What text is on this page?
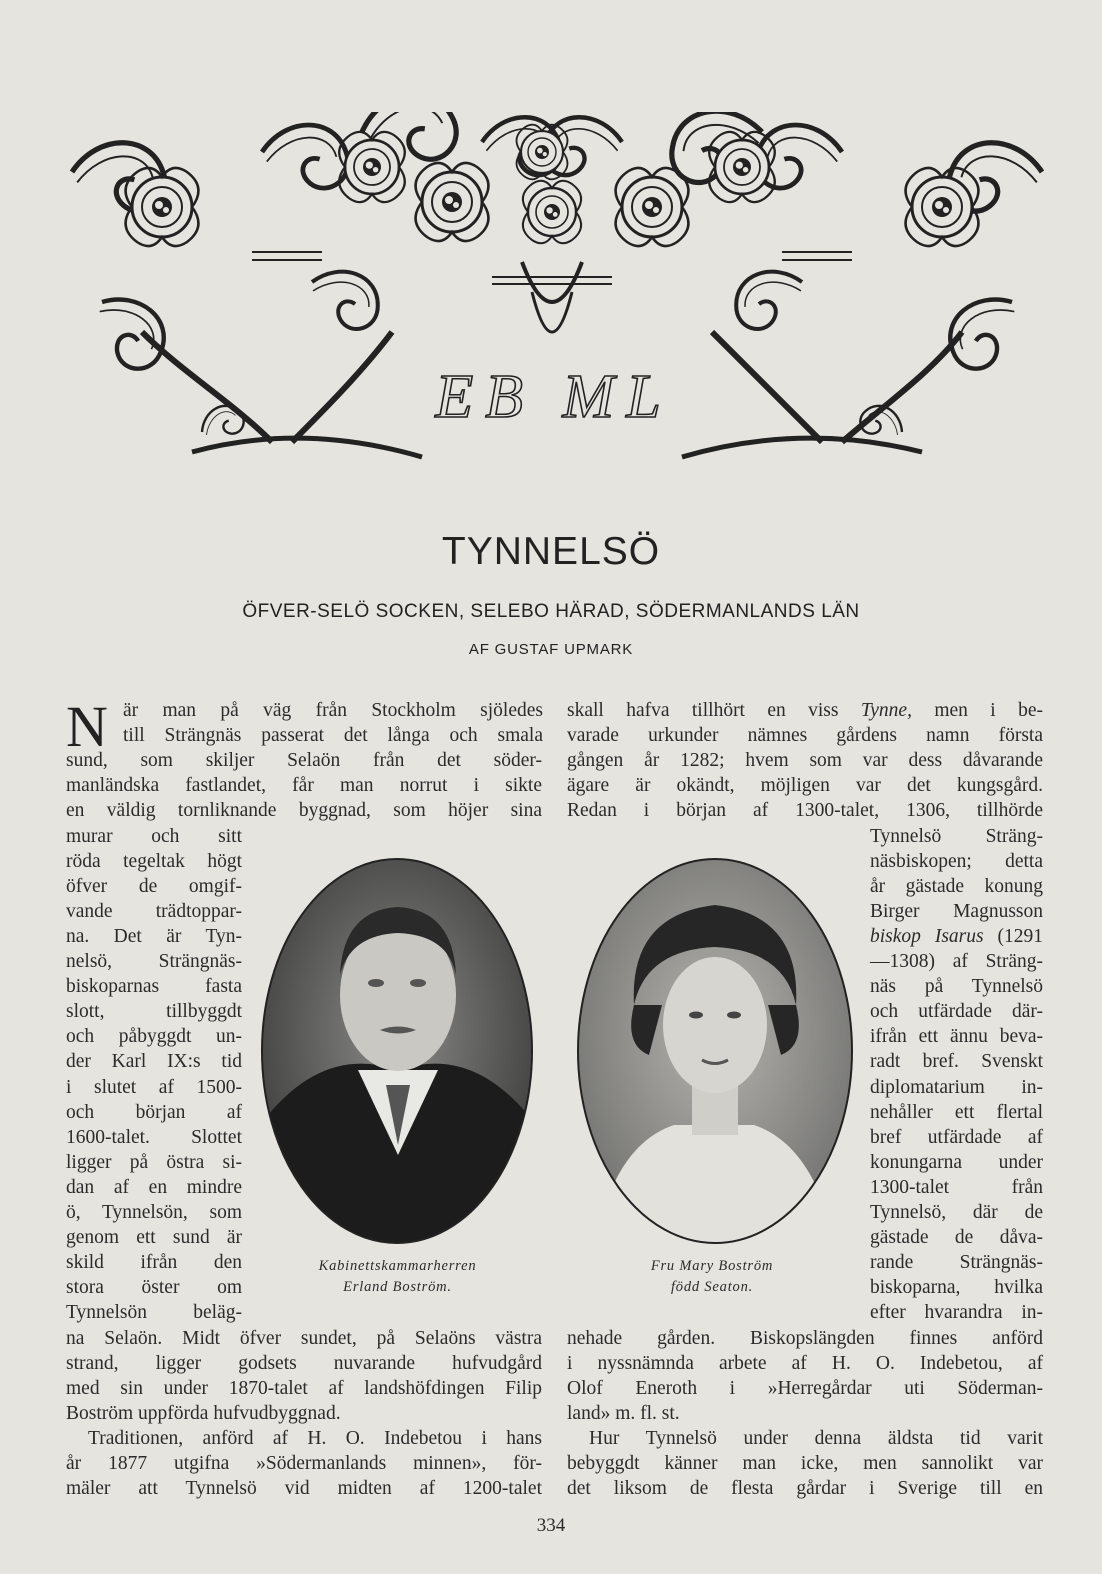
EB ML
TYNNELSÖ
ÖFVER-SELÖ SOCKEN, SELEBO HÄRAD, SÖDERMANLANDS LÄN
AF GUSTAF UPMARK
N är man på väg från Stockholm sjöledes
till Strängnäs passerat det långa och smala
sund, som skiljer Selaön från det söder-
manländska fastlandet, får man norrut i sikte
en väldig tornliknande byggnad, som höjer sina
murar och sitt
röda tegeltak högt
öfver de omgif-
vande trädtoppar-
na. Det är Tyn-
nelsö, Strängnäs-
biskoparnas fasta
slott, tillbyggdt
och påbyggdt un-
der Karl IX:s tid
i slutet af 1500-
och början af
1600-talet. Slottet
ligger på östra si-
dan af en mindre
ö, Tynnelsön, som
genom ett sund är
skild ifrån den
stora öster om
Tynnelsön beläg-
na Selaön. Midt öfver sundet, på Selaöns västra
strand, ligger godsets nuvarande hufvudgård
med sin under 1870-talet af landshöfdingen Filip
Boström uppförda hufvudbyggnad.
Traditionen, anförd af H. O. Indebetou i hans
år 1877 utgifna »Södermanlands minnen», för-
mäler att Tynnelsö vid midten af 1200-talet
skall hafva tillhört en viss Tynne, men i be-
varade urkunder nämnes gårdens namn första
gången år 1282; hvem som var dess dåvarande
ägare är okändt, möjligen var det kungsgård.
Redan i början af 1300-talet, 1306, tillhörde
Tynnelsö Sträng-
näsbiskopen; detta
år gästade konung
Birger Magnusson
biskop Isarus (1291
—1308) af Sträng-
näs på Tynnelsö
och utfärdade där-
ifrån ett ännu beva-
radt bref. Svenskt
diplomatarium in-
nehåller ett flertal
bref utfärdade af
konungarna under
1300-talet från
Tynnelsö, där de
gästade de dåva-
rande Strängnäs-
biskoparna, hvilka
efter hvarandra in-
nehade gården. Biskopslängden finnes anförd
i nyssnämnda arbete af H. O. Indebetou, af
Olof Eneroth i »Herregårdar uti Söderman-
land» m. fl. st.
Hur Tynnelsö under denna äldsta tid varit
bebyggdt känner man icke, men sannolikt var
det liksom de flesta gårdar i Sverige till en
Kabinettskammarherren
Erland Boström.
Fru Mary Boström
född Seaton.
334
